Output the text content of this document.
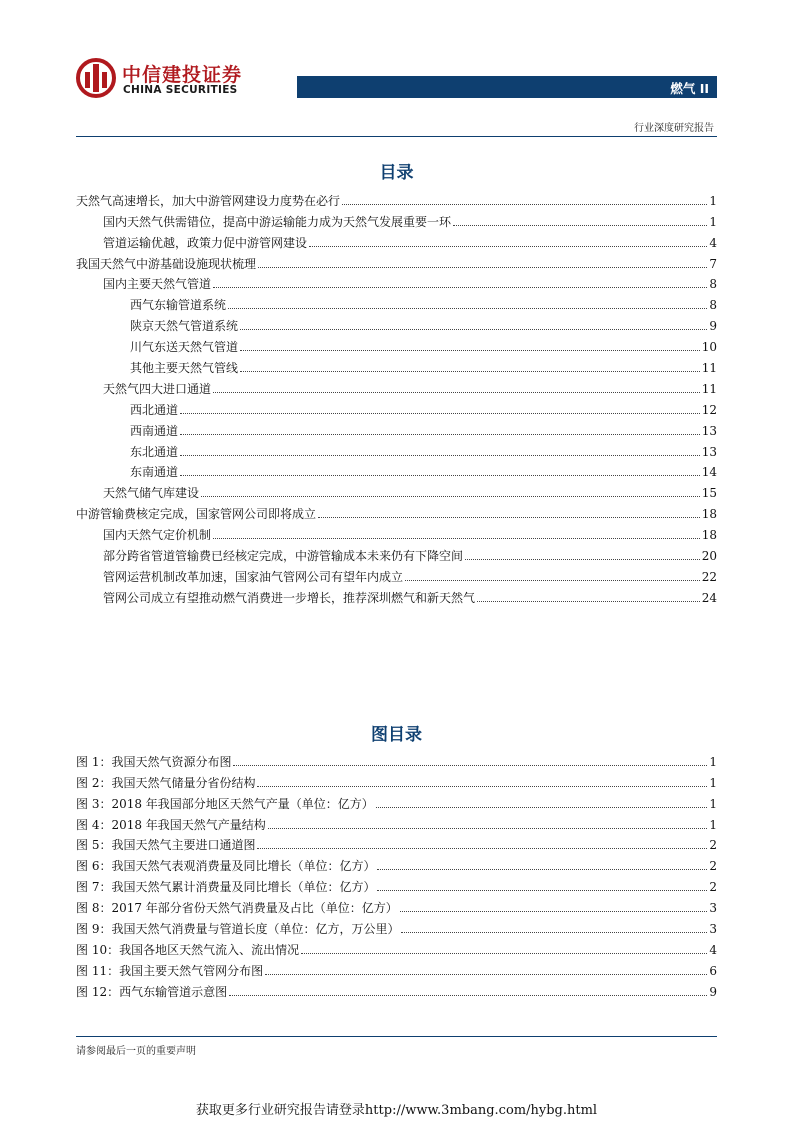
中信建投证券
CHINA SECURITIES	燃气 II
行业深度研究报告
目录
天然气高速增长，加大中游管网建设力度势在必行	1
国内天然气供需错位，提高中游运输能力成为天然气发展重要一环	1
管道运输优越，政策力促中游管网建设	4
我国天然气中游基础设施现状梳理	7
国内主要天然气管道	8
西气东输管道系统	8
陕京天然气管道系统	9
川气东送天然气管道	10
其他主要天然气管线	11
天然气四大进口通道	11
西北通道	12
西南通道	13
东北通道	13
东南通道	14
天然气储气库建设	15
中游管输费核定完成，国家管网公司即将成立	18
国内天然气定价机制	18
部分跨省管道管输费已经核定完成，中游管输成本未来仍有下降空间	20
管网运营机制改革加速，国家油气管网公司有望年内成立	22
管网公司成立有望推动燃气消费进一步增长，推荐深圳燃气和新天然气	24
图目录
图 1：我国天然气资源分布图	1
图 2：我国天然气储量分省份结构	1
图 3：2018 年我国部分地区天然气产量（单位：亿方）	1
图 4：2018 年我国天然气产量结构	1
图 5：我国天然气主要进口通道图	2
图 6：我国天然气表观消费量及同比增长（单位：亿方）	2
图 7：我国天然气累计消费量及同比增长（单位：亿方）	2
图 8：2017 年部分省份天然气消费量及占比（单位：亿方）	3
图 9：我国天然气消费量与管道长度（单位：亿方，万公里）	3
图 10：我国各地区天然气流入、流出情况	4
图 11：我国主要天然气管网分布图	6
图 12：西气东输管道示意图	9
请参阅最后一页的重要声明
获取更多行业研究报告请登录http://www.3mbang.com/hybg.html
